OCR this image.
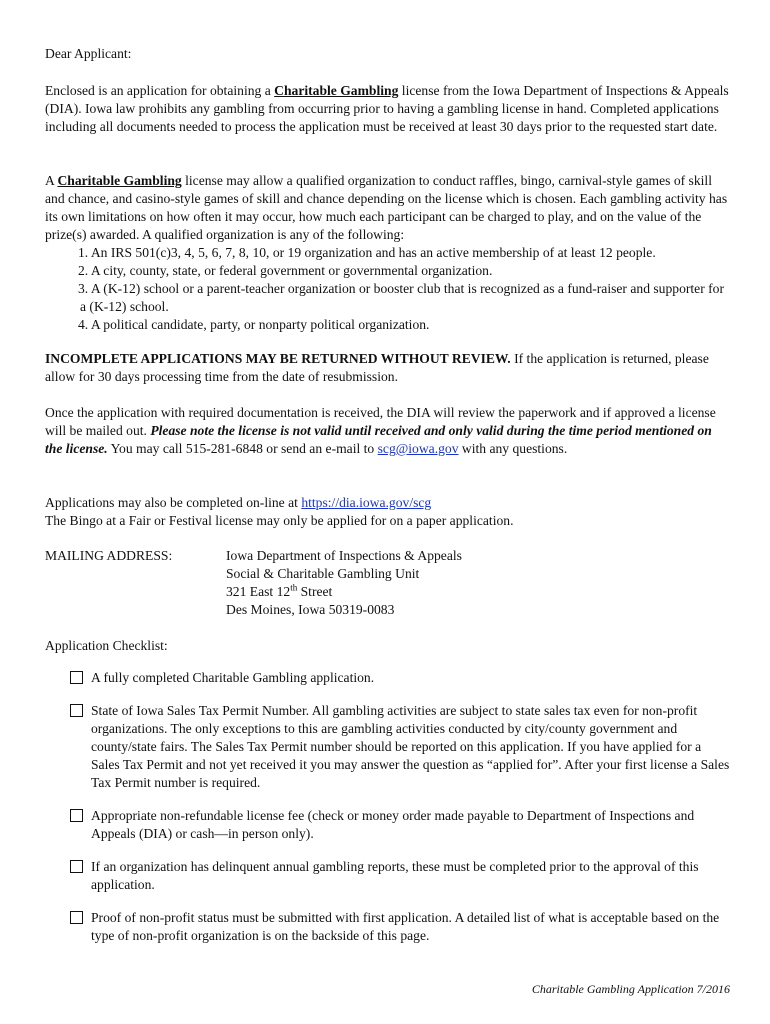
Dear Applicant:

Enclosed is an application for obtaining a Charitable Gambling license from the Iowa Department of Inspections & Appeals (DIA). Iowa law prohibits any gambling from occurring prior to having a gambling license in hand. Completed applications including all documents needed to process the application must be received at least 30 days prior to the requested start date.

A Charitable Gambling license may allow a qualified organization to conduct raffles, bingo, carnival-style games of skill and chance, and casino-style games of skill and chance depending on the license which is chosen. Each gambling activity has its own limitations on how often it may occur, how much each participant can be charged to play, and on the value of the prize(s) awarded. A qualified organization is any of the following:

1. An IRS 501(c)3, 4, 5, 6, 7, 8, 10, or 19 organization and has an active membership of at least 12 people.
2. A city, county, state, or federal government or governmental organization.
3. A (K-12) school or a parent-teacher organization or booster club that is recognized as a fund-raiser and supporter for a (K-12) school.
4. A political candidate, party, or nonparty political organization.

INCOMPLETE APPLICATIONS MAY BE RETURNED WITHOUT REVIEW. If the application is returned, please allow for 30 days processing time from the date of resubmission.

Once the application with required documentation is received, the DIA will review the paperwork and if approved a license will be mailed out. Please note the license is not valid until received and only valid during the time period mentioned on the license. You may call 515-281-6848 or send an e-mail to scg@iowa.gov with any questions.

Applications may also be completed on-line at https://dia.iowa.gov/scg

The Bingo at a Fair or Festival license may only be applied for on a paper application.

MAILING ADDRESS:	Iowa Department of Inspections & Appeals
Social & Charitable Gambling Unit
321 East 12th Street
Des Moines, Iowa 50319-0083

Application Checklist:

A fully completed Charitable Gambling application.
State of Iowa Sales Tax Permit Number. All gambling activities are subject to state sales tax even for non-profit organizations. The only exceptions to this are gambling activities conducted by city/county government and county/state fairs. The Sales Tax Permit number should be reported on this application. If you have applied for a Sales Tax Permit and not yet received it you may answer the question as “applied for”. After your first license a Sales Tax Permit number is required.
Appropriate non-refundable license fee (check or money order made payable to Department of Inspections and Appeals (DIA) or cash—in person only).
If an organization has delinquent annual gambling reports, these must be completed prior to the approval of this application.
Proof of non-profit status must be submitted with first application. A detailed list of what is acceptable based on the type of non-profit organization is on the backside of this page.
Charitable Gambling Application 7/2016
